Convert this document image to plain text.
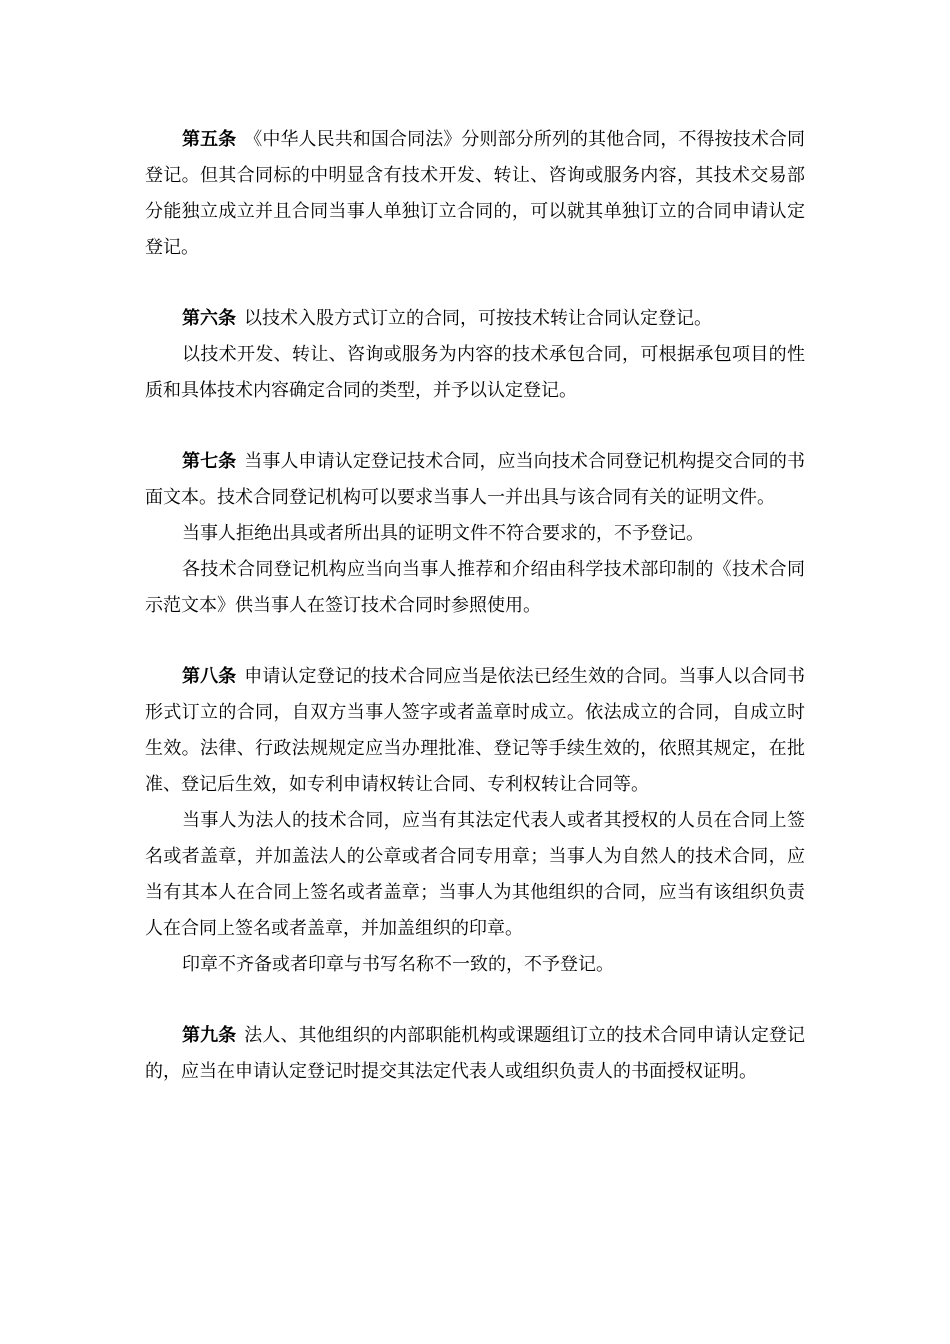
第五条 《中华人民共和国合同法》分则部分所列的其他合同，不得按技术合同登记。但其合同标的中明显含有技术开发、转让、咨询或服务内容，其技术交易部分能独立成立并且合同当事人单独订立合同的，可以就其单独订立的合同申请认定登记。

第六条 以技术入股方式订立的合同，可按技术转让合同认定登记。

以技术开发、转让、咨询或服务为内容的技术承包合同，可根据承包项目的性质和具体技术内容确定合同的类型，并予以认定登记。

第七条 当事人申请认定登记技术合同，应当向技术合同登记机构提交合同的书面文本。技术合同登记机构可以要求当事人一并出具与该合同有关的证明文件。

当事人拒绝出具或者所出具的证明文件不符合要求的，不予登记。

各技术合同登记机构应当向当事人推荐和介绍由科学技术部印制的《技术合同示范文本》供当事人在签订技术合同时参照使用。

第八条 申请认定登记的技术合同应当是依法已经生效的合同。当事人以合同书形式订立的合同，自双方当事人签字或者盖章时成立。依法成立的合同，自成立时生效。法律、行政法规规定应当办理批准、登记等手续生效的，依照其规定，在批准、登记后生效，如专利申请权转让合同、专利权转让合同等。

当事人为法人的技术合同，应当有其法定代表人或者其授权的人员在合同上签名或者盖章，并加盖法人的公章或者合同专用章；当事人为自然人的技术合同，应当有其本人在合同上签名或者盖章；当事人为其他组织的合同，应当有该组织负责人在合同上签名或者盖章，并加盖组织的印章。

印章不齐备或者印章与书写名称不一致的，不予登记。

第九条 法人、其他组织的内部职能机构或课题组订立的技术合同申请认定登记的，应当在申请认定登记时提交其法定代表人或组织负责人的书面授权证明。
